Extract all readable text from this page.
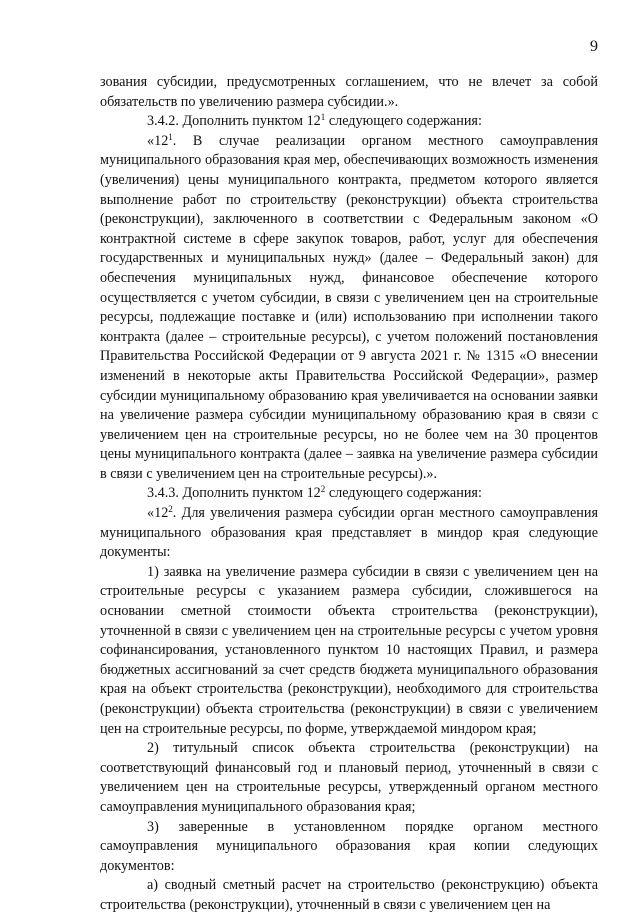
9

зования субсидии, предусмотренных соглашением, что не влечет за собой обязательств по увеличению размера субсидии.».

3.4.2. Дополнить пунктом $12^1$ следующего содержания:

«$12^1$. В случае реализации органом местного самоуправления муниципального образования края мер, обеспечивающих возможность изменения (увеличения) цены муниципального контракта, предметом которого является выполнение работ по строительству (реконструкции) объекта строительства (реконструкции), заключенного в соответствии с Федеральным законом «О контрактной системе в сфере закупок товаров, работ, услуг для обеспечения государственных и муниципальных нужд» (далее – Федеральный закон) для обеспечения муниципальных нужд, финансовое обеспечение которого осуществляется с учетом субсидии, в связи с увеличением цен на строительные ресурсы, подлежащие поставке и (или) использованию при исполнении такого контракта (далее – строительные ресурсы), с учетом положений постановления Правительства Российской Федерации от 9 августа 2021 г. № 1315 «О внесении изменений в некоторые акты Правительства Российской Федерации», размер субсидии муниципальному образованию края увеличивается на основании заявки на увеличение размера субсидии муниципальному образованию края в связи с увеличением цен на строительные ресурсы, но не более чем на 30 процентов цены муниципального контракта (далее – заявка на увеличение размера субсидии в связи с увеличением цен на строительные ресурсы).».

3.4.3. Дополнить пунктом $12^2$ следующего содержания:

«$12^2$. Для увеличения размера субсидии орган местного самоуправления муниципального образования края представляет в миндор края следующие документы:

1) заявка на увеличение размера субсидии в связи с увеличением цен на строительные ресурсы с указанием размера субсидии, сложившегося на основании сметной стоимости объекта строительства (реконструкции), уточненной в связи с увеличением цен на строительные ресурсы с учетом уровня софинансирования, установленного пунктом 10 настоящих Правил, и размера бюджетных ассигнований за счет средств бюджета муниципального образования края на объект строительства (реконструкции), необходимого для строительства (реконструкции) объекта строительства (реконструкции) в связи с увеличением цен на строительные ресурсы, по форме, утверждаемой миндором края;

2) титульный список объекта строительства (реконструкции) на соответствующий финансовый год и плановый период, уточненный в связи с увеличением цен на строительные ресурсы, утвержденный органом местного самоуправления муниципального образования края;

3) заверенные в установленном порядке органом местного самоуправления муниципального образования края копии следующих документов:

а) сводный сметный расчет на строительство (реконструкцию) объекта строительства (реконструкции), уточненный в связи с увеличением цен на
